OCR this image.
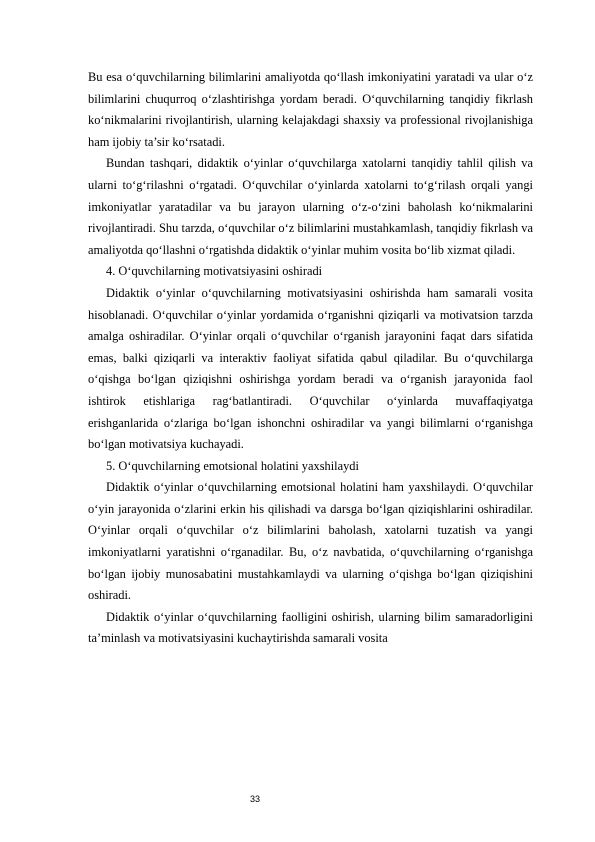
Bu esa o‘quvchilarning bilimlarini amaliyotda qo‘llash imkoniyatini yaratadi va ular o‘z bilimlarini chuqurroq o‘zlashtirishga yordam beradi. O‘quvchilarning tanqidiy fikrlash ko‘nikmalarini rivojlantirish, ularning kelajakdagi shaxsiy va professional rivojlanishiga ham ijobiy ta’sir ko‘rsatadi.

Bundan tashqari, didaktik o‘yinlar o‘quvchilarga xatolarni tanqidiy tahlil qilish va ularni to‘g‘rilashni o‘rgatadi. O‘quvchilar o‘yinlarda xatolarni to‘g‘rilash orqali yangi imkoniyatlar yaratadilar va bu jarayon ularning o‘z-o‘zini baholash ko‘nikmalarini rivojlantiradi. Shu tarzda, o‘quvchilar o‘z bilimlarini mustahkamlash, tanqidiy fikrlash va amaliyotda qo‘llashni o‘rgatishda didaktik o‘yinlar muhim vosita bo‘lib xizmat qiladi.

4. O‘quvchilarning motivatsiyasini oshiradi

Didaktik o‘yinlar o‘quvchilarning motivatsiyasini oshirishda ham samarali vosita hisoblanadi. O‘quvchilar o‘yinlar yordamida o‘rganishni qiziqarli va motivatsion tarzda amalga oshiradilar. O‘yinlar orqali o‘quvchilar o‘rganish jarayonini faqat dars sifatida emas, balki qiziqarli va interaktiv faoliyat sifatida qabul qiladilar. Bu o‘quvchilarga o‘qishga bo‘lgan qiziqishni oshirishga yordam beradi va o‘rganish jarayonida faol ishtirok etishlariga rag‘batlantiradi. O‘quvchilar o‘yinlarda muvaffaqiyatga erishganlarida o‘zlariga bo‘lgan ishonchni oshiradilar va yangi bilimlarni o‘rganishga bo‘lgan motivatsiya kuchayadi.

5. O‘quvchilarning emotsional holatini yaxshilaydi

Didaktik o‘yinlar o‘quvchilarning emotsional holatini ham yaxshilaydi. O‘quvchilar o‘yin jarayonida o‘zlarini erkin his qilishadi va darsga bo‘lgan qiziqishlarini oshiradilar. O‘yinlar orqali o‘quvchilar o‘z bilimlarini baholash, xatolarni tuzatish va yangi imkoniyatlarni yaratishni o‘rganadilar. Bu, o‘z navbatida, o‘quvchilarning o‘rganishga bo‘lgan ijobiy munosabatini mustahkamlaydi va ularning o‘qishga bo‘lgan qiziqishini oshiradi.

Didaktik o‘yinlar o‘quvchilarning faolligini oshirish, ularning bilim samaradorligini ta’minlash va motivatsiyasini kuchaytirishda samarali vosita

33
